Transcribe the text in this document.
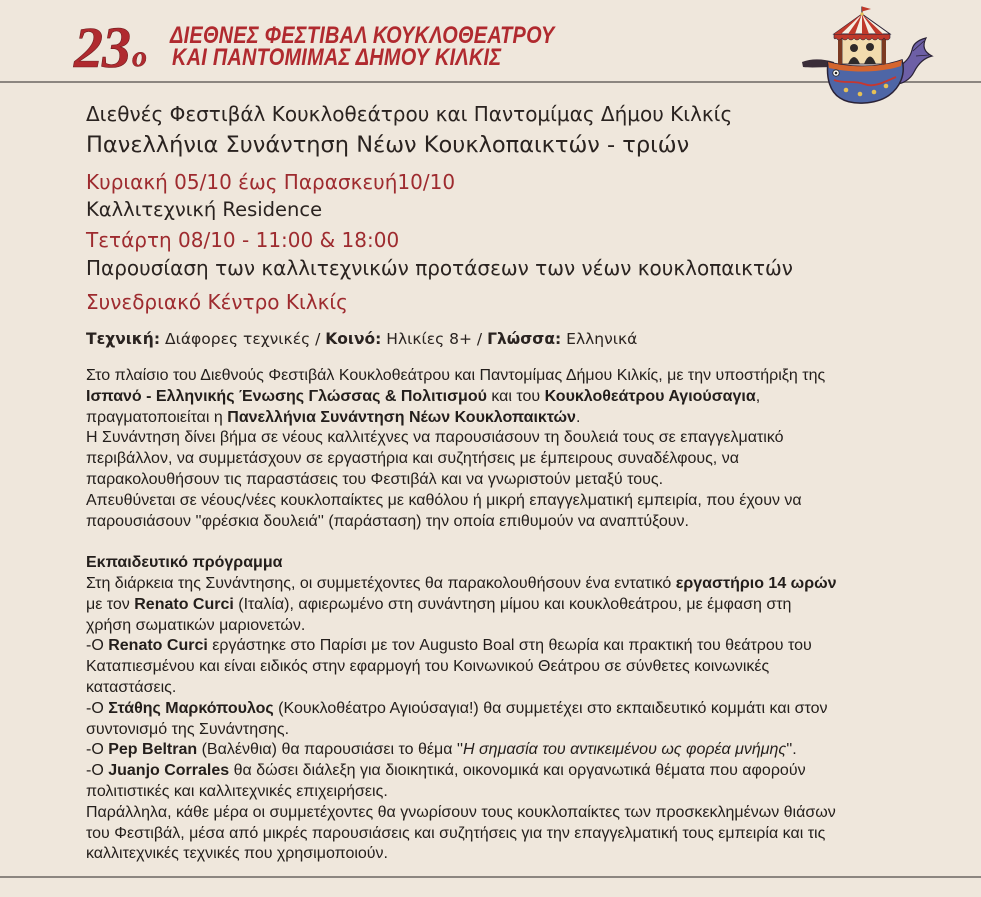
23 ο
ΔΙΕΘΝΕΣ ΦΕΣΤΙΒΑΛ ΚΟΥΚΛΟΘΕΑΤΡΟΥ
ΚΑΙ ΠΑΝΤΟΜΙΜΑΣ ΔΗΜΟΥ ΚΙΛΚΙΣ
Διεθνές Φεστιβάλ Κουκλοθεάτρου και Παντομίμας Δήμου Κιλκίς
Πανελλήνια Συνάντηση Νέων Κουκλοπαικτών - τριών
Κυριακή 05/10 έως Παρασκευή10/10
Καλλιτεχνική Residence
Τετάρτη 08/10 - 11:00 & 18:00
Παρουσίαση των καλλιτεχνικών προτάσεων των νέων κουκλοπαικτών
Συνεδριακό Κέντρο Κιλκίς
Τεχνική: Διάφορες τεχνικές / Κοινό: Ηλικίες 8+ / Γλώσσα: Ελληνικά
Στο πλαίσιο του Διεθνούς Φεστιβάλ Κουκλοθεάτρου και Παντομίμας Δήμου Κιλκίς, με την υποστήριξη της
Ισπανό - Ελληνικής Ένωσης Γλώσσας & Πολιτισμού και του Κουκλοθεάτρου Αγιούσαγια,
πραγματοποιείται η Πανελλήνια Συνάντηση Νέων Κουκλοπαικτών.
Η Συνάντηση δίνει βήμα σε νέους καλλιτέχνες να παρουσιάσουν τη δουλειά τους σε επαγγελματικό
περιβάλλον, να συμμετάσχουν σε εργαστήρια και συζητήσεις με έμπειρους συναδέλφους, να
παρακολουθήσουν τις παραστάσεις του Φεστιβάλ και να γνωριστούν μεταξύ τους.
Απευθύνεται σε νέους/νέες κουκλοπαίκτες με καθόλου ή μικρή επαγγελματική εμπειρία, που έχουν να
παρουσιάσουν ''φρέσκια δουλειά'' (παράσταση) την οποία επιθυμούν να αναπτύξουν.
Εκπαιδευτικό πρόγραμμα
Στη διάρκεια της Συνάντησης, οι συμμετέχοντες θα παρακολουθήσουν ένα εντατικό εργαστήριο 14 ωρών
με τον Renato Curci (Ιταλία), αφιερωμένο στη συνάντηση μίμου και κουκλοθεάτρου, με έμφαση στη
χρήση σωματικών μαριονετών.
-Ο Renato Curci εργάστηκε στο Παρίσι με τον Augusto Boal στη θεωρία και πρακτική του θεάτρου του
Καταπιεσμένου και είναι ειδικός στην εφαρμογή του Κοινωνικού Θεάτρου σε σύνθετες κοινωνικές
καταστάσεις.
-Ο Στάθης Μαρκόπουλος (Κουκλοθέατρο Αγιούσαγια!) θα συμμετέχει στο εκπαιδευτικό κομμάτι και στον
συντονισμό της Συνάντησης.
-Ο Pep Beltran (Βαλένθια) θα παρουσιάσει το θέμα ''Η σημασία του αντικειμένου ως φορέα μνήμης''.
-Ο Juanjo Corrales θα δώσει διάλεξη για διοικητικά, οικονομικά και οργανωτικά θέματα που αφορούν
πολιτιστικές και καλλιτεχνικές επιχειρήσεις.
Παράλληλα, κάθε μέρα οι συμμετέχοντες θα γνωρίσουν τους κουκλοπαίκτες των προσκεκλημένων θιάσων
του Φεστιβάλ, μέσα από μικρές παρουσιάσεις και συζητήσεις για την επαγγελματική τους εμπειρία και τις
καλλιτεχνικές τεχνικές που χρησιμοποιούν.
